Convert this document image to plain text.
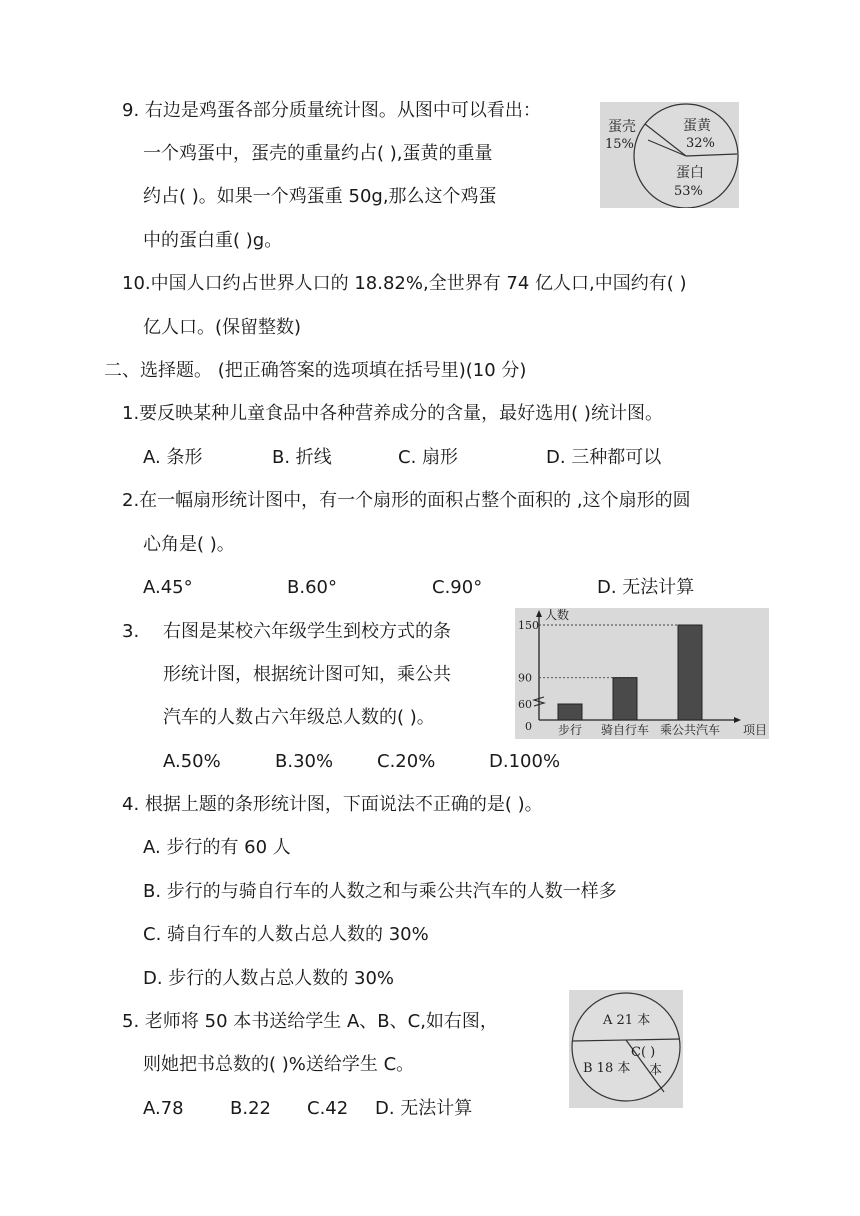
9. 右边是鸡蛋各部分质量统计图。从图中可以看出：
一个鸡蛋中，蛋壳的重量约占( ),蛋黄的重量
约占( )。如果一个鸡蛋重 50g,那么这个鸡蛋
中的蛋白重( )g。
蛋壳
15%
蛋黄
32%
蛋白
53%
10.中国人口约占世界人口的 18.82%,全世界有 74 亿人口,中国约有( )
亿人口。(保留整数)
二、选择题。 (把正确答案的选项填在括号里)(10 分)
1.要反映某种儿童食品中各种营养成分的含量，最好选用( )统计图。
A. 条形	B. 折线	C. 扇形	D. 三种都可以
2.在一幅扇形统计图中，有一个扇形的面积占整个面积的 ,这个扇形的圆
心角是( )。
A.45°	B.60°	C.90°	D. 无法计算
3. 右图是某校六年级学生到校方式的条
形统计图，根据统计图可知，乘公共
汽车的人数占六年级总人数的( )。
A.50%	B.30% C.20%	D.100%
人数
项目
0
60
90
150
步行 骑自行车 乘公共汽车
4. 根据上题的条形统计图，下面说法不正确的是( )。
A. 步行的有 60 人
B. 步行的与骑自行车的人数之和与乘公共汽车的人数一样多
C. 骑自行车的人数占总人数的 30%
D. 步行的人数占总人数的 30%
5. 老师将 50 本书送给学生 A、B、C,如右图，
则她把书总数的( )%送给学生 C。
A.78	B.22 C.42 D. 无法计算
A 21 本
B 18 本
C( )
本
